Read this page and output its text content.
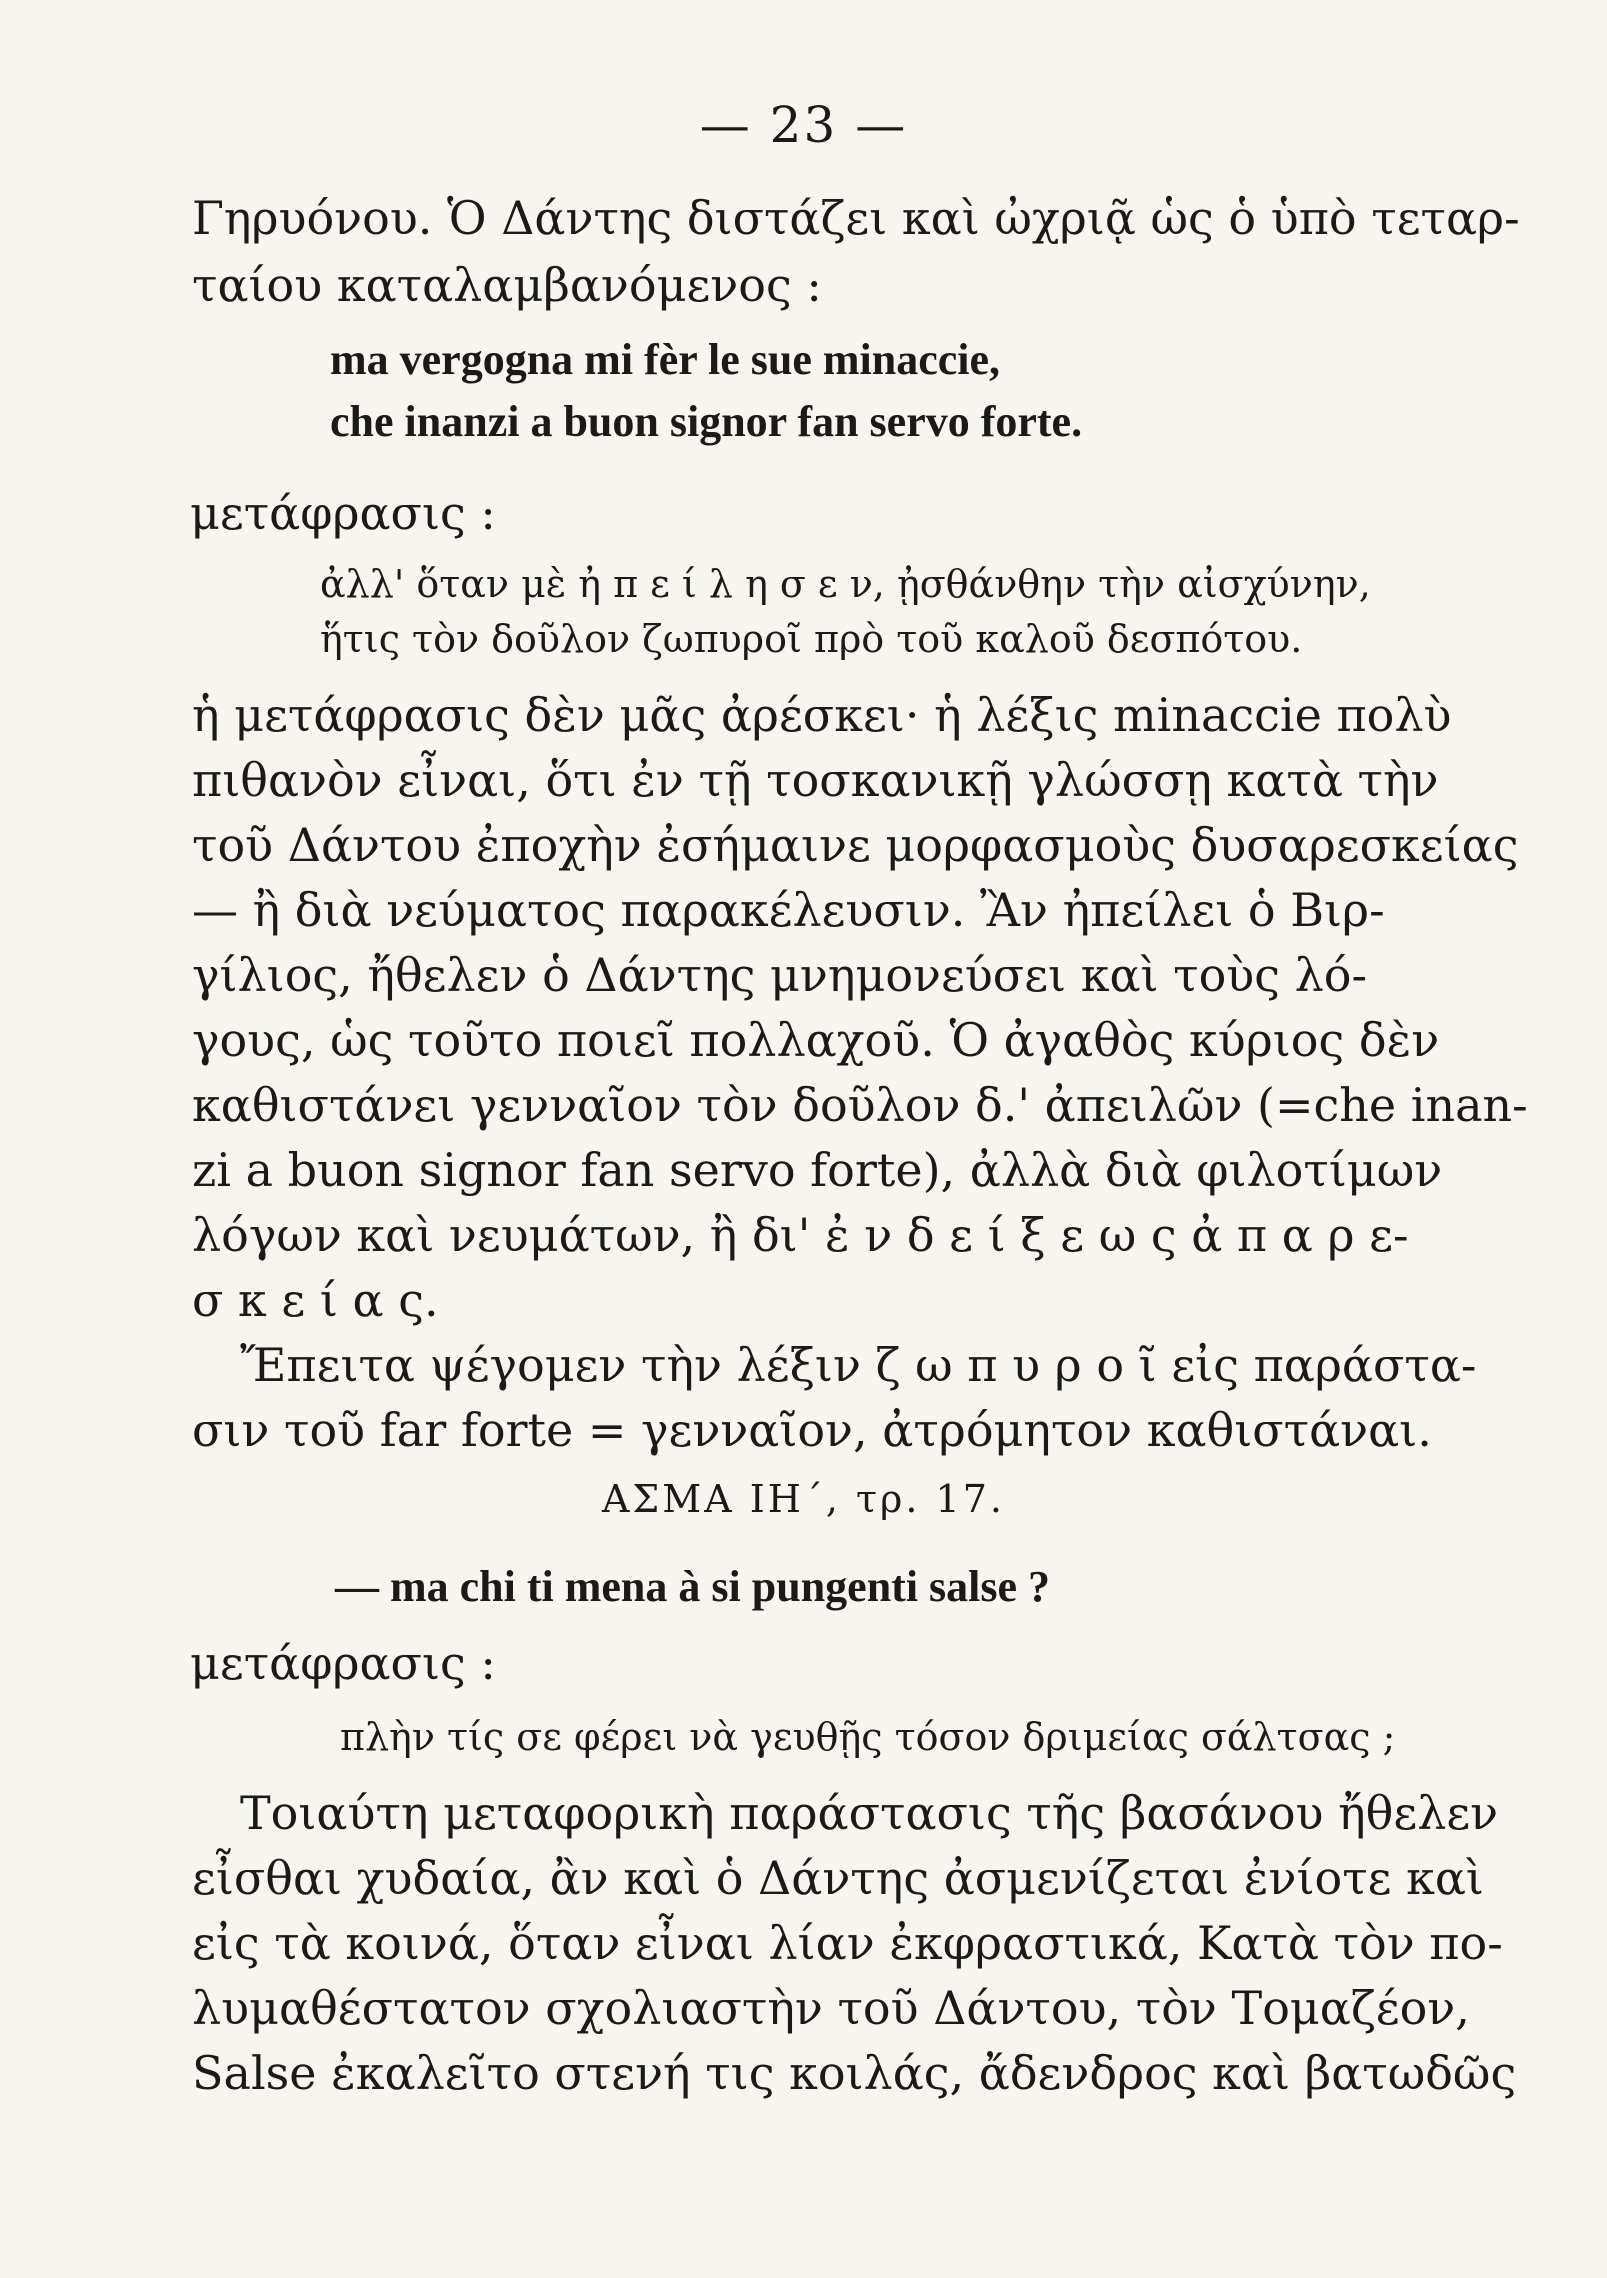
— 23 —
Γηρυόνου. Ὁ Δάντης διστάζει καὶ ὠχριᾷ ὡς ὁ ὑπὸ τεταρ-
ταίου καταλαμβανόμενος :
ma vergogna mi fèr le sue minaccie,
che inanzi a buon signor fan servo forte.
μετάφρασις :
ἀλλ' ὅταν μὲ ἠ π ε ί λ η σ ε ν, ᾐσθάνθην τὴν αἰσχύνην,
ἥτις τὸν δοῦλον ζωπυροῖ πρὸ τοῦ καλοῦ δεσπότου.
ἡ μετάφρασις δὲν μᾶς ἀρέσκει· ἡ λέξις minaccie πολὺ
πιθανὸν εἶναι, ὅτι ἐν τῇ τοσκανικῇ γλώσσῃ κατὰ τὴν
τοῦ Δάντου ἐποχὴν ἐσήμαινε μορφασμοὺς δυσαρεσκείας
— ἢ διὰ νεύματος παρακέλευσιν. Ἂν ἠπείλει ὁ Βιρ-
γίλιος, ἤθελεν ὁ Δάντης μνημονεύσει καὶ τοὺς λό-
γους, ὡς τοῦτο ποιεῖ πολλαχοῦ. Ὁ ἀγαθὸς κύριος δὲν
καθιστάνει γενναῖον τὸν δοῦλον δ.' ἀπειλῶν (=che inan-
zi a buon signor fan servo forte), ἀλλὰ διὰ φιλοτίμων
λόγων καὶ νευμάτων, ἢ δι' ἐ ν δ ε ί ξ ε ω ς ἀ π α ρ ε-
σ κ ε ί α ς.
Ἔπειτα ψέγομεν τὴν λέξιν ζ ω π υ ρ ο ῖ εἰς παράστα-
σιν τοῦ far forte = γενναῖον, ἀτρόμητον καθιστάναι.
ΑΣΜΑ ΙΗ΄, τρ. 17.
— ma chi ti mena à si pungenti salse ?
μετάφρασις :
πλὴν τίς σε φέρει νὰ γευθῇς τόσον δριμείας σάλτσας ;
Τοιαύτη μεταφορικὴ παράστασις τῆς βασάνου ἤθελεν
εἶσθαι χυδαία, ἂν καὶ ὁ Δάντης ἀσμενίζεται ἐνίοτε καὶ
εἰς τὰ κοινά, ὅταν εἶναι λίαν ἐκφραστικά, Κατὰ τὸν πο-
λυμαθέστατον σχολιαστὴν τοῦ Δάντου, τὸν Τομαζέον,
Salse ἐκαλεῖτο στενή τις κοιλάς, ἄδενδρος καὶ βατωδῶς
